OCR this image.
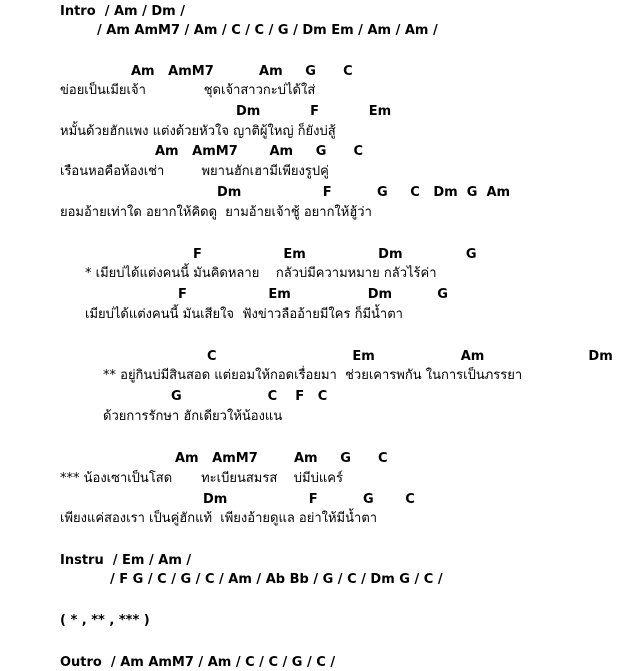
Intro  / Am / Dm /
/ Am AmM7 / Am / C / C / G / Dm Em / Am / Am /
Am   AmM7          Am     G      C
ข่อยเป็นเมียเจ้า              ชุดเจ้าสาวกะบ่ได้ใส่
Dm           F           Em
หมั้นด้วยฮักแพง แต่งด้วยหัวใจ ญาติผู้ใหญ่ ก็ยังบ่สู้
Am   AmM7       Am     G      C
เรือนหอคือห้องเช่า         พยานฮักเฮามีเพียงรูปคู่
Dm                  F          G     C   Dm  G  Am
ยอมอ้ายเท่าใด อยากให้คิดดู  ยามอ้ายเจ้าชู้ อยากให้ฮู้ว่า
F                  Em                Dm              G
* เมียบ่ได้แต่งคนนี้ มันคิดหลาย    กลัวบ่มีความหมาย กลัวไร้ค่า
F                  Em                 Dm          G
เมียบ่ได้แต่งคนนี้ มันเสียใจ  ฟังข่าวลืออ้ายมีใคร ก็มีน้ำตา
C                              Em                   Am                       Dm
** อยู่กินบ่มีสินสอด แต่ยอมให้กอดเรื่อยมา  ช่วยเคารพกัน ในการเป็นภรรยา
G                   C    F   C
ด้วยการรักษา ฮักเดียวให้น้องแน
Am   AmM7        Am     G      C
*** น้องเซาเป็นโสด       ทะเบียนสมรส    บ่มีบ่แคร์
Dm                  F          G       C
เพียงแค่สองเรา เป็นคู่ฮักแท้  เพียงอ้ายดูแล อย่าให้มีน้ำตา
Instru  / Em / Am /
/ F G / C / G / C / Am / Ab Bb / G / C / Dm G / C /
( * , ** , *** )
Outro  / Am AmM7 / Am / C / C / G / C /
